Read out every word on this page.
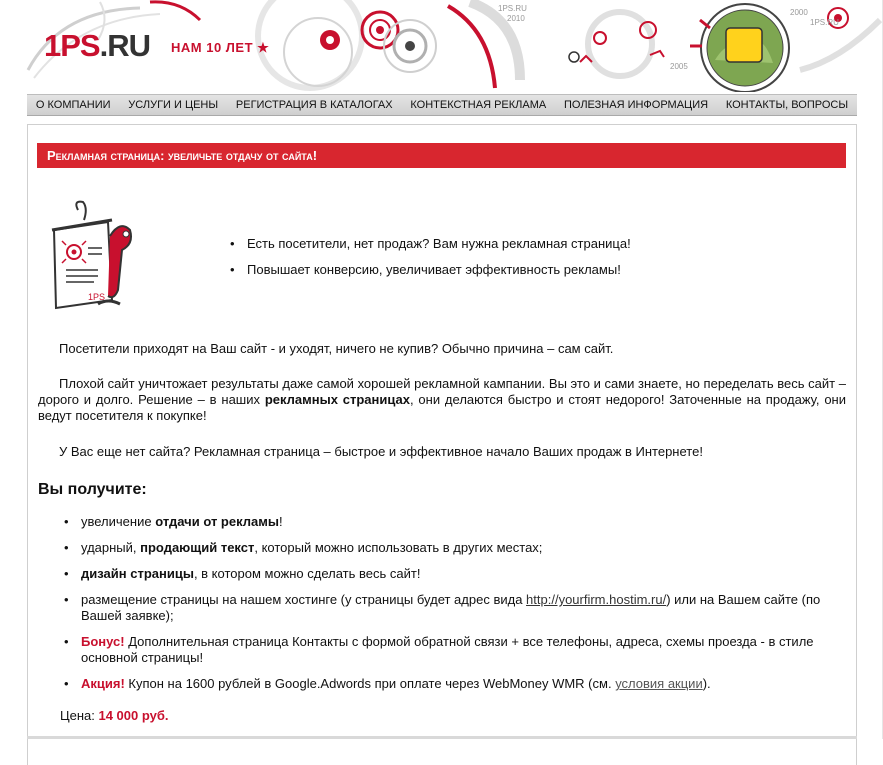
1PS.RU НАМ 10 ЛЕТ ★
2010
1PS.RU
2005
2000
1PS.RU
О КОМПАНИИ УСЛУГИ И ЦЕНЫ РЕГИСТРАЦИЯ В КАТАЛОГАХ КОНТЕКСТНАЯ РЕКЛАМА ПОЛЕЗНАЯ ИНФОРМАЦИЯ КОНТАКТЫ, ВОПРОСЫ
Рекламная страница: увеличьте отдачу от сайта!
1PS
• Есть посетители, нет продаж? Вам нужна рекламная страница!
• Повышает конверсию, увеличивает эффективность рекламы!

Посетители приходят на Ваш сайт - и уходят, ничего не купив? Обычно причина – сам сайт.

Плохой сайт уничтожает результаты даже самой хорошей рекламной кампании. Вы это и сами знаете, но переделать весь сайт – дорого и долго. Решение – в наших рекламных страницах, они делаются быстро и стоят недорого! Заточенные на продажу, они ведут посетителя к покупке!

У Вас еще нет сайта? Рекламная страница – быстрое и эффективное начало Ваших продаж в Интернете!

Вы получите:
• увеличение отдачи от рекламы!
• ударный, продающий текст, который можно использовать в других местах;
• дизайн страницы, в котором можно сделать весь сайт!
• размещение страницы на нашем хостинге (у страницы будет адрес вида http://yourfirm.hostim.ru/) или на Вашем сайте (по Вашей заявке);
• Бонус! Дополнительная страница Контакты с формой обратной связи + все телефоны, адреса, схемы проезда - в стиле основной страницы!
• Акция! Купон на 1600 рублей в Google.Adwords при оплате через WebMoney WMR (см. условия акции).
Цена: 14 000 руб.
